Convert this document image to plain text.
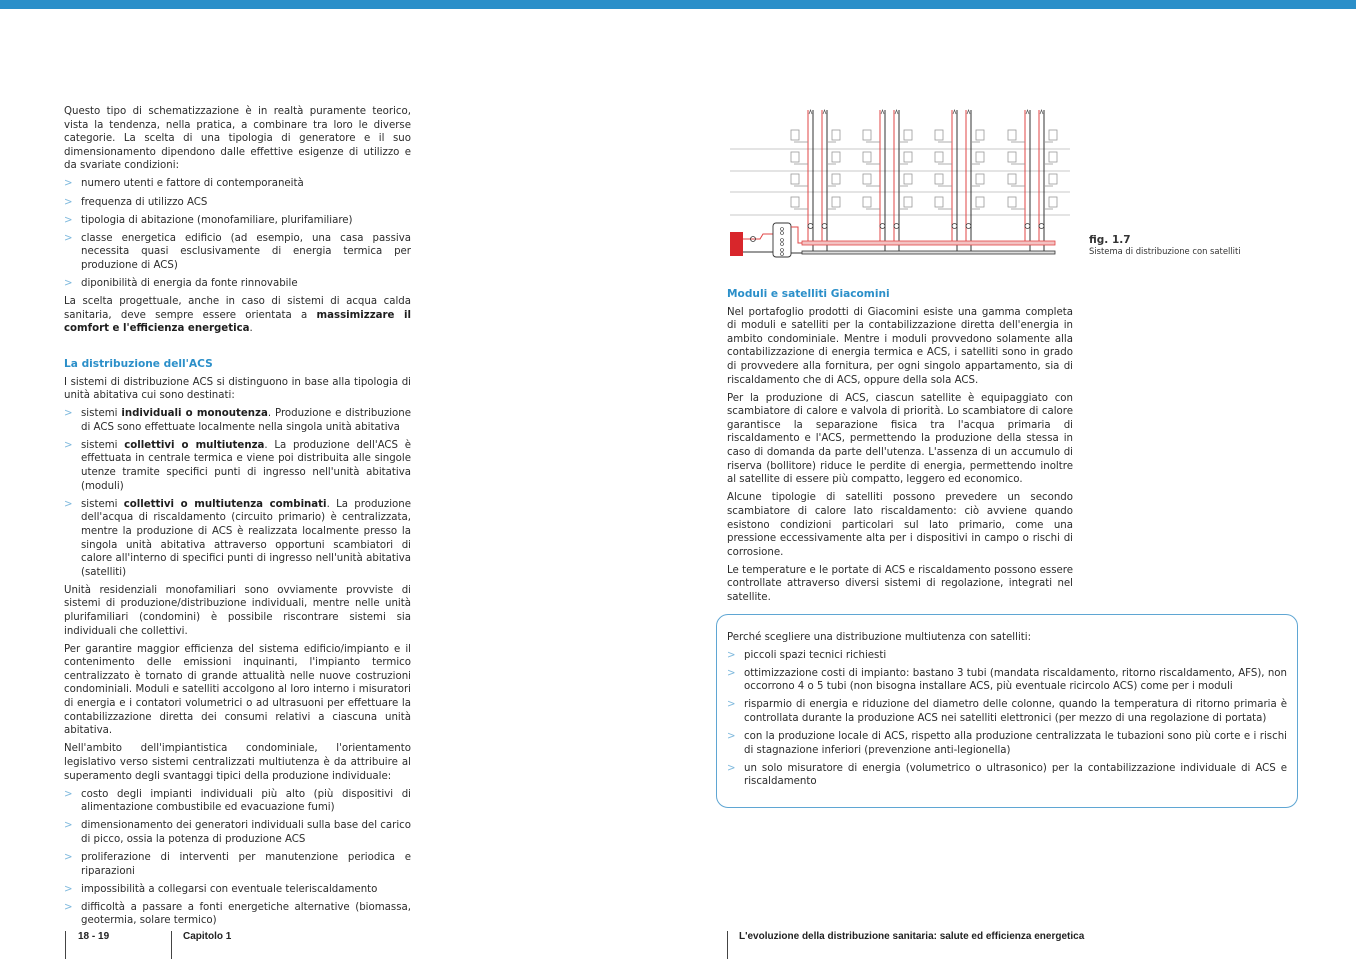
Questo tipo di schematizzazione è in realtà puramente teorico, vista la tendenza, nella pratica, a combinare tra loro le diverse categorie. La scelta di una tipologia di generatore e il suo dimensionamento dipendono dalle effettive esigenze di utilizzo e da svariate condizioni:

> numero utenti e fattore di contemporaneità
> frequenza di utilizzo ACS
> tipologia di abitazione (monofamiliare, plurifamiliare)
> classe energetica edificio (ad esempio, una casa passiva necessita quasi esclusivamente di energia termica per produzione di ACS)
> diponibilità di energia da fonte rinnovabile

La scelta progettuale, anche in caso di sistemi di acqua calda sanitaria, deve sempre essere orientata a massimizzare il comfort e l'efficienza energetica.

La distribuzione dell'ACS

I sistemi di distribuzione ACS si distinguono in base alla tipologia di unità abitativa cui sono destinati:

> sistemi individuali o monoutenza. Produzione e distribuzione di ACS sono effettuate localmente nella singola unità abitativa
> sistemi collettivi o multiutenza. La produzione dell'ACS è effettuata in centrale termica e viene poi distribuita alle singole utenze tramite specifici punti di ingresso nell'unità abitativa (moduli)
> sistemi collettivi o multiutenza combinati. La produzione dell'acqua di riscaldamento (circuito primario) è centralizzata, mentre la produzione di ACS è realizzata localmente presso la singola unità abitativa attraverso opportuni scambiatori di calore all'interno di specifici punti di ingresso nell'unità abitativa (satelliti)

Unità residenziali monofamiliari sono ovviamente provviste di sistemi di produzione/distribuzione individuali, mentre nelle unità plurifamiliari (condomini) è possibile riscontrare sistemi sia individuali che collettivi.

Per garantire maggior efficienza del sistema edificio/impianto e il contenimento delle emissioni inquinanti, l'impianto termico centralizzato è tornato di grande attualità nelle nuove costruzioni condominiali. Moduli e satelliti accolgono al loro interno i misuratori di energia e i contatori volumetrici o ad ultrasuoni per effettuare la contabilizzazione diretta dei consumi relativi a ciascuna unità abitativa.

Nell'ambito dell'impiantistica condominiale, l'orientamento legislativo verso sistemi centralizzati multiutenza è da attribuire al superamento degli svantaggi tipici della produzione individuale:

> costo degli impianti individuali più alto (più dispositivi di alimentazione combustibile ed evacuazione fumi)
> dimensionamento dei generatori individuali sulla base del carico di picco, ossia la potenza di produzione ACS
> proliferazione di interventi per manutenzione periodica e riparazioni
> impossibilità a collegarsi con eventuale teleriscaldamento
> difficoltà a passare a fonti energetiche alternative (biomassa, geotermia, solare termico)
fig. 1.7
Sistema di distribuzione con satelliti
Moduli e satelliti Giacomini

Nel portafoglio prodotti di Giacomini esiste una gamma completa di moduli e satelliti per la contabilizzazione diretta dell'energia in ambito condominiale. Mentre i moduli provvedono solamente alla contabilizzazione di energia termica e ACS, i satelliti sono in grado di provvedere alla fornitura, per ogni singolo appartamento, sia di riscaldamento che di ACS, oppure della sola ACS.

Per la produzione di ACS, ciascun satellite è equipaggiato con scambiatore di calore e valvola di priorità. Lo scambiatore di calore garantisce la separazione fisica tra l'acqua primaria di riscaldamento e l'ACS, permettendo la produzione della stessa in caso di domanda da parte dell'utenza. L'assenza di un accumulo di riserva (bollitore) riduce le perdite di energia, permettendo inoltre al satellite di essere più compatto, leggero ed economico.

Alcune tipologie di satelliti possono prevedere un secondo scambiatore di calore lato riscaldamento: ciò avviene quando esistono condizioni particolari sul lato primario, come una pressione eccessivamente alta per i dispositivi in campo o rischi di corrosione.

Le temperature e le portate di ACS e riscaldamento possono essere controllate attraverso diversi sistemi di regolazione, integrati nel satellite.

Perché scegliere una distribuzione multiutenza con satelliti:

> piccoli spazi tecnici richiesti
> ottimizzazione costi di impianto: bastano 3 tubi (mandata riscaldamento, ritorno riscaldamento, AFS), non occorrono 4 o 5 tubi (non bisogna installare ACS, più eventuale ricircolo ACS) come per i moduli
> risparmio di energia e riduzione del diametro delle colonne, quando la temperatura di ritorno primaria è controllata durante la produzione ACS nei satelliti elettronici (per mezzo di una regolazione di portata)
> con la produzione locale di ACS, rispetto alla produzione centralizzata le tubazioni sono più corte e i rischi di stagnazione inferiori (prevenzione anti-legionella)
> un solo misuratore di energia (volumetrico o ultrasonico) per la contabilizzazione individuale di ACS e riscaldamento
18 - 19	Capitolo 1	L'evoluzione della distribuzione sanitaria: salute ed efficienza energetica
